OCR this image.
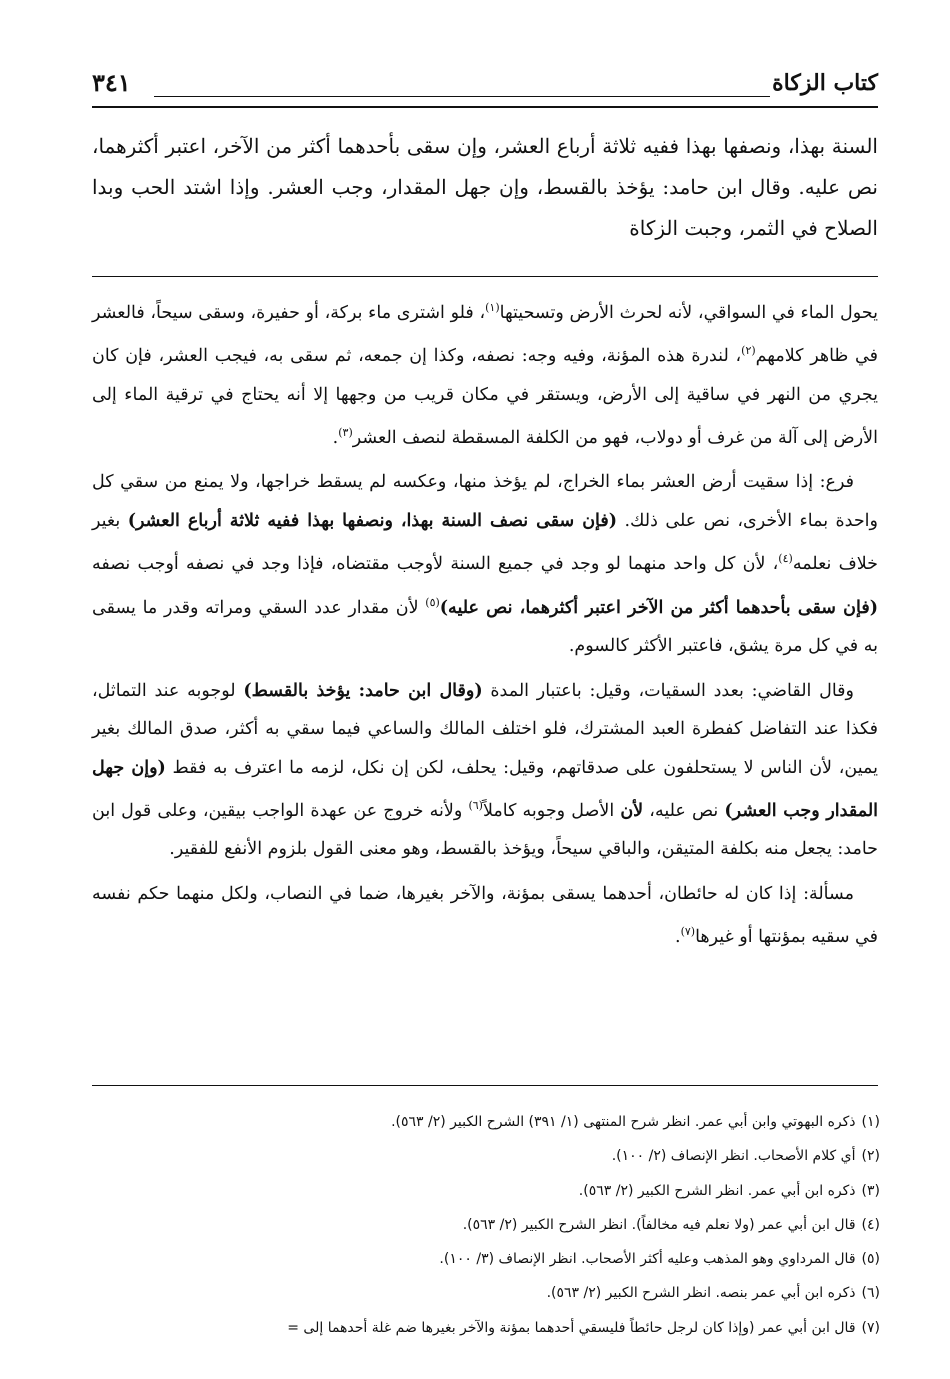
كتاب الزكاة
٣٤١
السنة بهذا، ونصفها بهذا ففيه ثلاثة أرباع العشر، وإن سقى بأحدهما أكثر من الآخر، اعتبر أكثرهما، نص عليه. وقال ابن حامد: يؤخذ بالقسط، وإن جهل المقدار، وجب العشر. وإذا اشتد الحب وبدا الصلاح في الثمر، وجبت الزكاة

يحول الماء في السواقي، لأنه لحرث الأرض وتسحيتها$^{(١)}$، فلو اشترى ماء بركة، أو حفيرة، وسقى سيحاً، فالعشر في ظاهر كلامهم$^{(٢)}$، لندرة هذه المؤنة، وفيه وجه: نصفه، وكذا إن جمعه، ثم سقى به، فيجب العشر، فإن كان يجري من النهر في ساقية إلى الأرض، ويستقر في مكان قريب من وجهها إلا أنه يحتاج في ترقية الماء إلى الأرض إلى آلة من غرف أو دولاب، فهو من الكلفة المسقطة لنصف العشر$^{(٣)}$.

فرع: إذا سقيت أرض العشر بماء الخراج، لم يؤخذ منها، وعكسه لم يسقط خراجها، ولا يمنع من سقي كل واحدة بماء الأخرى، نص على ذلك. (فإن سقى نصف السنة بهذا، ونصفها بهذا ففيه ثلاثة أرباع العشر) بغير خلاف نعلمه$^{(٤)}$، لأن كل واحد منهما لو وجد في جميع السنة لأوجب مقتضاه، فإذا وجد في نصفه أوجب نصفه (فإن سقى بأحدهما أكثر من الآخر اعتبر أكثرهما، نص عليه)$^{(٥)}$ لأن مقدار عدد السقي ومراته وقدر ما يسقى به في كل مرة يشق، فاعتبر الأكثر كالسوم.

وقال القاضي: بعدد السقيات، وقيل: باعتبار المدة (وقال ابن حامد: يؤخذ بالقسط) لوجوبه عند التماثل، فكذا عند التفاضل كفطرة العبد المشترك، فلو اختلف المالك والساعي فيما سقي به أكثر، صدق المالك بغير يمين، لأن الناس لا يستحلفون على صدقاتهم، وقيل: يحلف، لكن إن نكل، لزمه ما اعترف به فقط (وإن جهل المقدار وجب العشر) نص عليه، لأن الأصل وجوبه كاملاً$^{(٦)}$ ولأنه خروج عن عهدة الواجب بيقين، وعلى قول ابن حامد: يجعل منه بكلفة المتيقن، والباقي سيحاً، ويؤخذ بالقسط، وهو معنى القول بلزوم الأنفع للفقير.

مسألة: إذا كان له حائطان، أحدهما يسقى بمؤنة، والآخر بغيرها، ضما في النصاب، ولكل منهما حكم نفسه في سقيه بمؤنتها أو غيرها$^{(٧)}$.

(١)ذكره البهوتي وابن أبي عمر. انظر شرح المنتهى (١/ ٣٩١) الشرح الكبير (٢/ ٥٦٣).
(٢)أي كلام الأصحاب. انظر الإنصاف (٢/ ١٠٠).
(٣)ذكره ابن أبي عمر. انظر الشرح الكبير (٢/ ٥٦٣).
(٤)قال ابن أبي عمر (ولا نعلم فيه مخالفاً). انظر الشرح الكبير (٢/ ٥٦٣).
(٥)قال المرداوي وهو المذهب وعليه أكثر الأصحاب. انظر الإنصاف (٣/ ١٠٠).
(٦)ذكره ابن أبي عمر بنصه. انظر الشرح الكبير (٢/ ٥٦٣).
(٧)قال ابن أبي عمر (وإذا كان لرجل حائطاً فليسقي أحدهما بمؤنة والآخر بغيرها ضم غلة أحدهما إلى =
